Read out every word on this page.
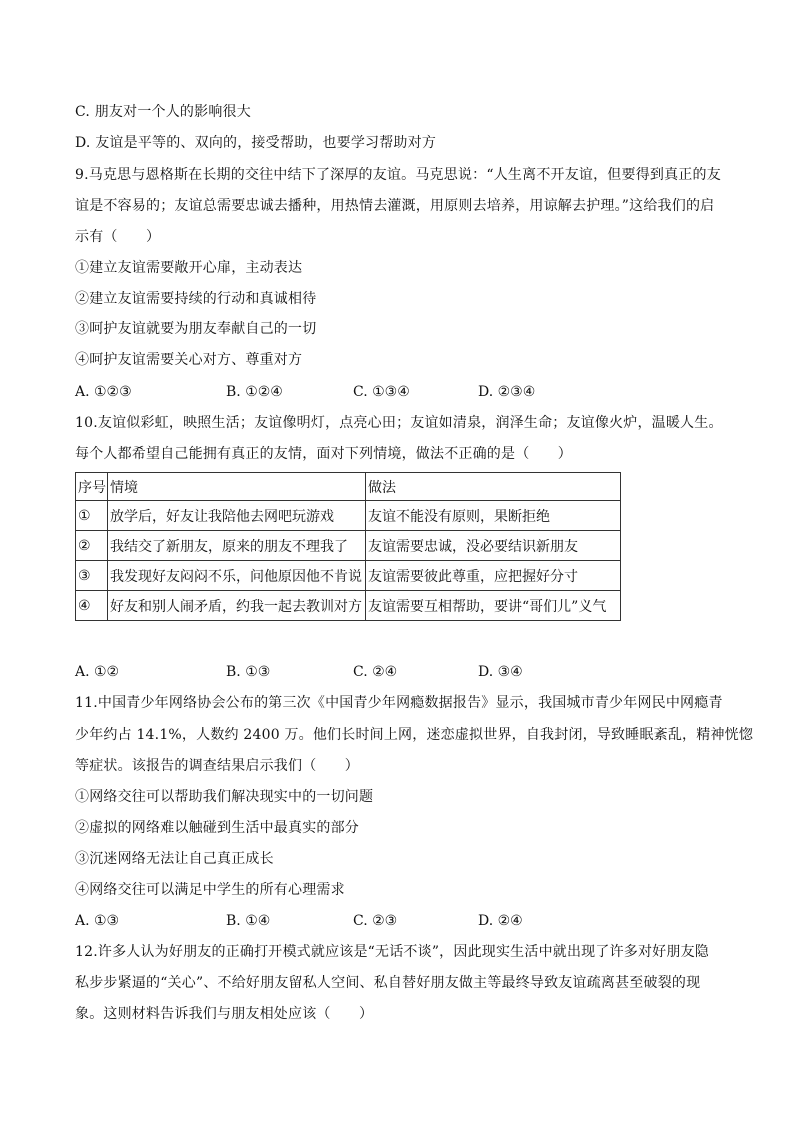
C. 朋友对一个人的影响很大
D. 友谊是平等的、双向的，接受帮助，也要学习帮助对方
9.马克思与恩格斯在长期的交往中结下了深厚的友谊。马克思说：“人生离不开友谊，但要得到真正的友
谊是不容易的；友谊总需要忠诚去播种，用热情去灌溉，用原则去培养，用谅解去护理。”这给我们的启
示有（　　）
①建立友谊需要敞开心扉，主动表达
②建立友谊需要持续的行动和真诚相待
③呵护友谊就要为朋友奉献自己的一切
④呵护友谊需要关心对方、尊重对方
A. ①②③	B. ①②④	C. ①③④	D. ②③④
10.友谊似彩虹，映照生活；友谊像明灯，点亮心田；友谊如清泉，润泽生命；友谊像火炉，温暖人生。
每个人都希望自己能拥有真正的友情，面对下列情境，做法不正确的是（　　）
序号	情境	做法
①	放学后，好友让我陪他去网吧玩游戏	友谊不能没有原则，果断拒绝
②	我结交了新朋友，原来的朋友不理我了	友谊需要忠诚，没必要结识新朋友
③	我发现好友闷闷不乐，问他原因他不肯说	友谊需要彼此尊重，应把握好分寸
④	好友和别人闹矛盾，约我一起去教训对方	友谊需要互相帮助，要讲“哥们儿”义气
A. ①②	B. ①③	C. ②④	D. ③④
11.中国青少年网络协会公布的第三次《中国青少年网瘾数据报告》显示，我国城市青少年网民中网瘾青
少年约占 14.1%，人数约 2400 万。他们长时间上网，迷恋虚拟世界，自我封闭，导致睡眠紊乱，精神恍惚
等症状。该报告的调查结果启示我们（　　）
①网络交往可以帮助我们解决现实中的一切问题
②虚拟的网络难以触碰到生活中最真实的部分
③沉迷网络无法让自己真正成长
④网络交往可以满足中学生的所有心理需求
A. ①③	B. ①④	C. ②③	D. ②④
12.许多人认为好朋友的正确打开模式就应该是“无话不谈”，因此现实生活中就出现了许多对好朋友隐
私步步紧逼的“关心”、不给好朋友留私人空间、私自替好朋友做主等最终导致友谊疏离甚至破裂的现
象。这则材料告诉我们与朋友相处应该（　　）
